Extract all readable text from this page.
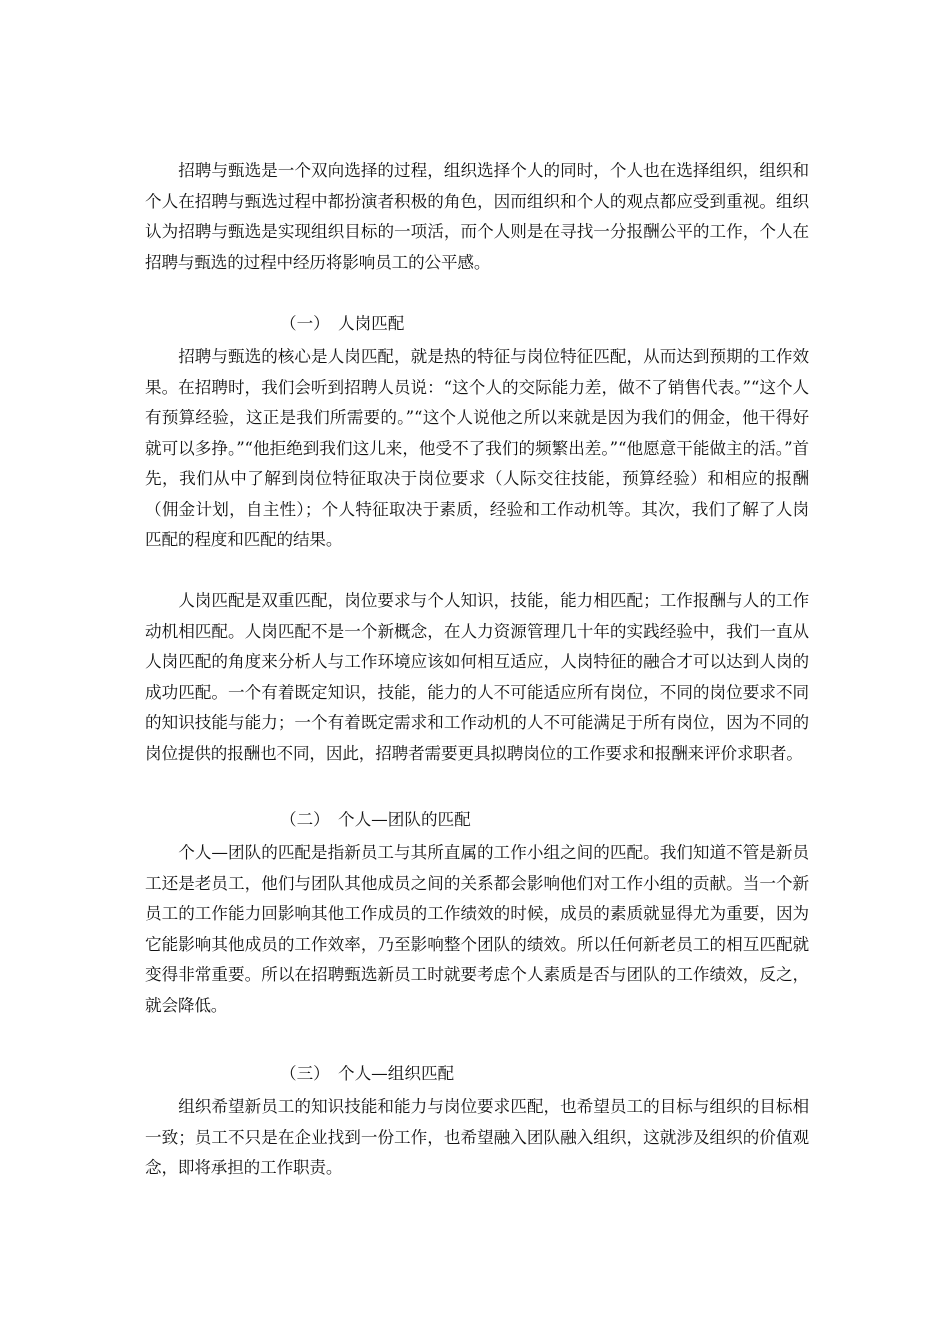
招聘与甄选是一个双向选择的过程，组织选择个人的同时，个人也在选择组织，组织和个人在招聘与甄选过程中都扮演者积极的角色，因而组织和个人的观点都应受到重视。组织认为招聘与甄选是实现组织目标的一项活，而个人则是在寻找一分报酬公平的工作，个人在招聘与甄选的过程中经历将影响员工的公平感。

（一） 人岗匹配

招聘与甄选的核心是人岗匹配，就是热的特征与岗位特征匹配，从而达到预期的工作效果。在招聘时，我们会听到招聘人员说：“这个人的交际能力差，做不了销售代表。”“这个人有预算经验，这正是我们所需要的。”“这个人说他之所以来就是因为我们的佣金，他干得好就可以多挣。”“他拒绝到我们这儿来，他受不了我们的频繁出差。”“他愿意干能做主的活。”首先，我们从中了解到岗位特征取决于岗位要求（人际交往技能，预算经验）和相应的报酬（佣金计划，自主性）；个人特征取决于素质，经验和工作动机等。其次，我们了解了人岗匹配的程度和匹配的结果。

人岗匹配是双重匹配，岗位要求与个人知识，技能，能力相匹配；工作报酬与人的工作动机相匹配。人岗匹配不是一个新概念，在人力资源管理几十年的实践经验中，我们一直从人岗匹配的角度来分析人与工作环境应该如何相互适应，人岗特征的融合才可以达到人岗的成功匹配。一个有着既定知识，技能，能力的人不可能适应所有岗位，不同的岗位要求不同的知识技能与能力；一个有着既定需求和工作动机的人不可能满足于所有岗位，因为不同的岗位提供的报酬也不同，因此，招聘者需要更具拟聘岗位的工作要求和报酬来评价求职者。

（二） 个人—团队的匹配

个人—团队的匹配是指新员工与其所直属的工作小组之间的匹配。我们知道不管是新员工还是老员工，他们与团队其他成员之间的关系都会影响他们对工作小组的贡献。当一个新员工的工作能力回影响其他工作成员的工作绩效的时候，成员的素质就显得尤为重要，因为它能影响其他成员的工作效率，乃至影响整个团队的绩效。所以任何新老员工的相互匹配就变得非常重要。所以在招聘甄选新员工时就要考虑个人素质是否与团队的工作绩效，反之，就会降低。

（三） 个人—组织匹配

组织希望新员工的知识技能和能力与岗位要求匹配，也希望员工的目标与组织的目标相一致；员工不只是在企业找到一份工作，也希望融入团队融入组织，这就涉及组织的价值观念，即将承担的工作职责。
